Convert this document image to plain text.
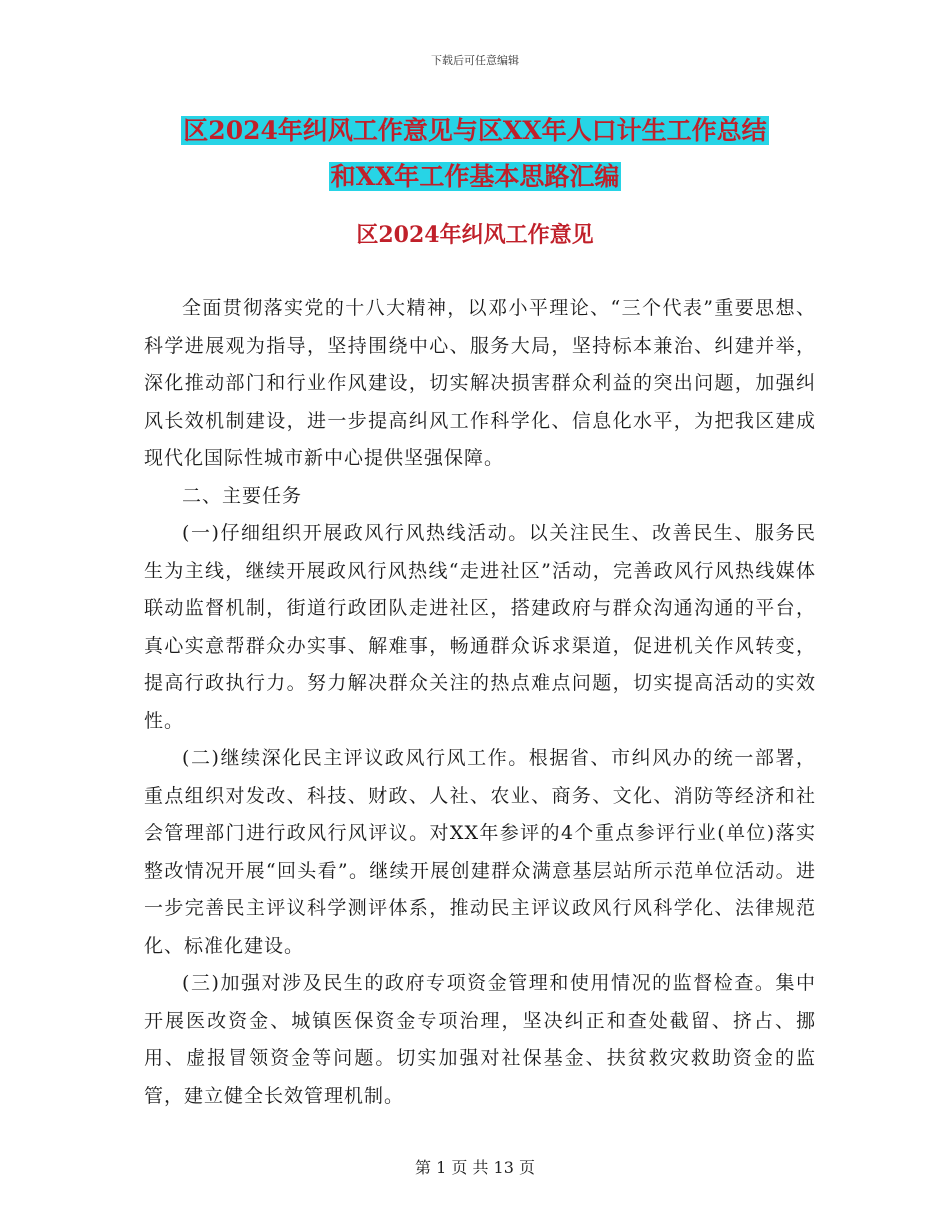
下载后可任意编辑
区2024年纠风工作意见与区XX年人口计生工作总结
和XX年工作基本思路汇编
区2024年纠风工作意见

全面贯彻落实党的十八大精神，以邓小平理论、“三个代表”重要思想、科学进展观为指导，坚持围绕中心、服务大局，坚持标本兼治、纠建并举，深化推动部门和行业作风建设，切实解决损害群众利益的突出问题，加强纠风长效机制建设，进一步提高纠风工作科学化、信息化水平，为把我区建成现代化国际性城市新中心提供坚强保障。

二、主要任务

(一)仔细组织开展政风行风热线活动。以关注民生、改善民生、服务民生为主线，继续开展政风行风热线“走进社区”活动，完善政风行风热线媒体联动监督机制，街道行政团队走进社区，搭建政府与群众沟通沟通的平台，真心实意帮群众办实事、解难事，畅通群众诉求渠道，促进机关作风转变，提高行政执行力。努力解决群众关注的热点难点问题，切实提高活动的实效性。

(二)继续深化民主评议政风行风工作。根据省、市纠风办的统一部署，重点组织对发改、科技、财政、人社、农业、商务、文化、消防等经济和社会管理部门进行政风行风评议。对XX年参评的4个重点参评行业(单位)落实整改情况开展“回头看”。继续开展创建群众满意基层站所示范单位活动。进一步完善民主评议科学测评体系，推动民主评议政风行风科学化、法律规范化、标准化建设。

(三)加强对涉及民生的政府专项资金管理和使用情况的监督检查。集中开展医改资金、城镇医保资金专项治理，坚决纠正和查处截留、挤占、挪用、虚报冒领资金等问题。切实加强对社保基金、扶贫救灾救助资金的监管，建立健全长效管理机制。

第 1 页 共 13 页
